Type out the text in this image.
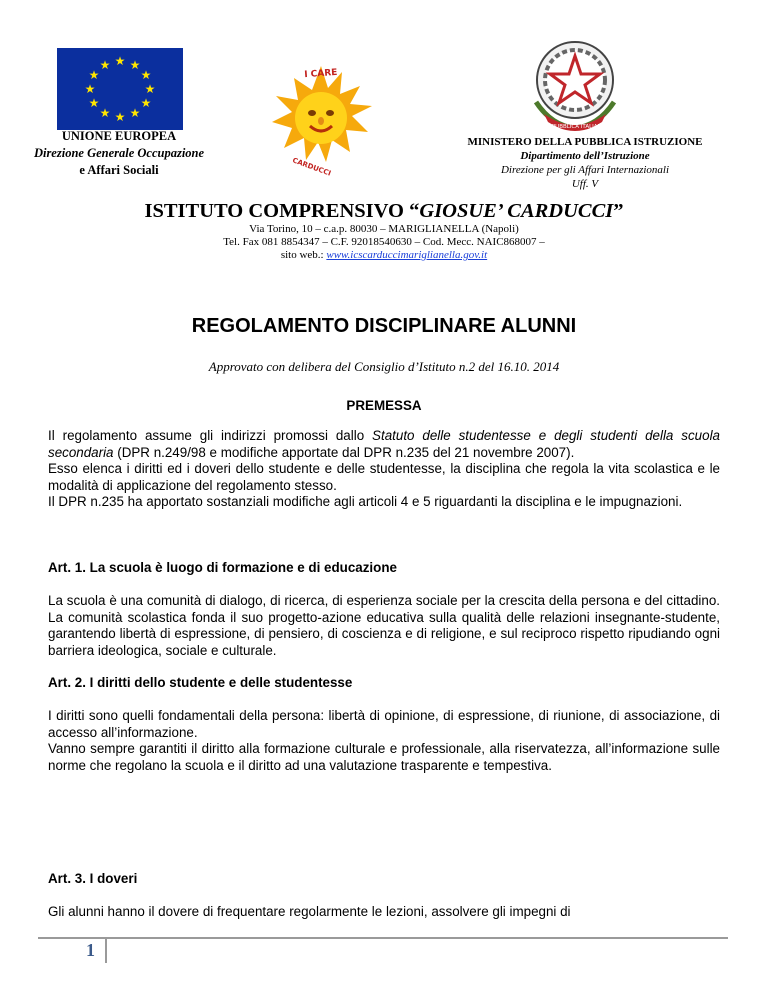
★ ★
★
★
★
★
★
★
★
★
★
★
UNIONE EUROPEA
Direzione Generale Occupazione
e Affari Sociali
I CARE
CARDUCCI
REPUBBLICA ITALIANA
MINISTERO DELLA PUBBLICA ISTRUZIONE
Dipartimento dell’Istruzione
Direzione per gli Affari Internazionali
Uff. V
ISTITUTO COMPRENSIVO “GIOSUE’ CARDUCCI”
Via Torino, 10 – c.a.p. 80030 – MARIGLIANELLA (Napoli)
Tel. Fax 081 8854347 – C.F. 92018540630 – Cod. Mecc. NAIC868007 –
sito web.: www.icscarduccimariglianella.gov.it
REGOLAMENTO DISCIPLINARE ALUNNI
Approvato con delibera del Consiglio d’Istituto n.2 del 16.10. 2014
PREMESSA

Il regolamento assume gli indirizzi promossi dallo Statuto delle studentesse e degli studenti della scuola secondaria (DPR n.249/98 e modifiche apportate dal DPR n.235 del 21 novembre 2007).

Esso elenca i diritti ed i doveri dello studente e delle studentesse, la disciplina che regola la vita scolastica e le modalità di applicazione del regolamento stesso.

Il DPR n.235 ha apportato sostanziali modifiche agli articoli 4 e 5 riguardanti la disciplina e le impugnazioni.

Art. 1. La scuola è luogo di formazione e di educazione
La scuola è una comunità di dialogo, di ricerca, di esperienza sociale per la crescita della persona e del cittadino. La comunità scolastica fonda il suo progetto-azione educativa sulla qualità delle relazioni insegnante-studente, garantendo libertà di espressione, di pensiero, di coscienza e di religione, e sul reciproco rispetto ripudiando ogni barriera ideologica, sociale e culturale.
Art. 2. I diritti dello studente e delle studentesse

I diritti sono quelli fondamentali della persona: libertà di opinione, di espressione, di riunione, di associazione, di accesso all’informazione.

Vanno sempre garantiti il diritto alla formazione culturale e professionale, alla riservatezza, all’informazione sulle norme che regolano la scuola e il diritto ad una valutazione trasparente e tempestiva.

Art. 3. I doveri
Gli alunni hanno il dovere di frequentare regolarmente le lezioni, assolvere gli impegni di
1
